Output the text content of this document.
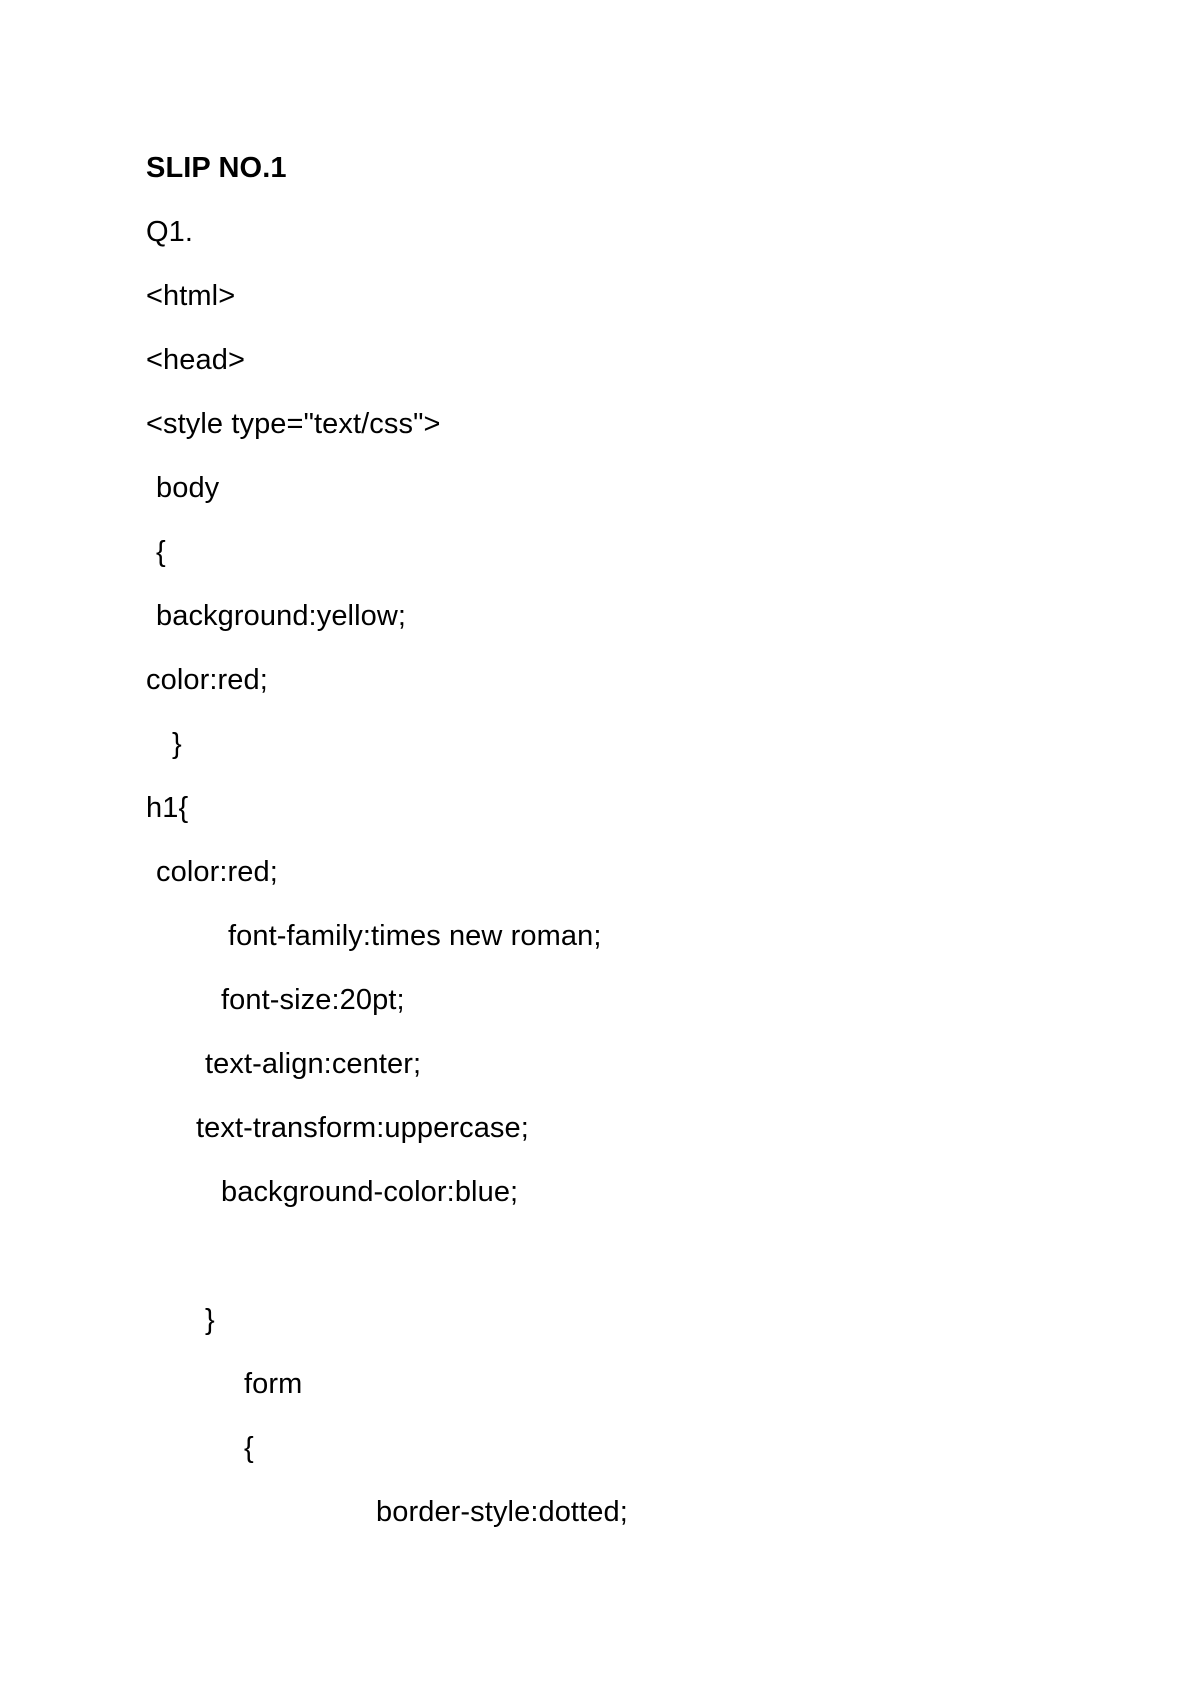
SLIP NO.1
Q1.
<html>
<head>
<style type="text/css">
body
{
background:yellow;
color:red;
}
h1{
color:red;
font-family:times new roman;
font-size:20pt;
text-align:center;
text-transform:uppercase;
background-color:blue;
}
form
{
border-style:dotted;
